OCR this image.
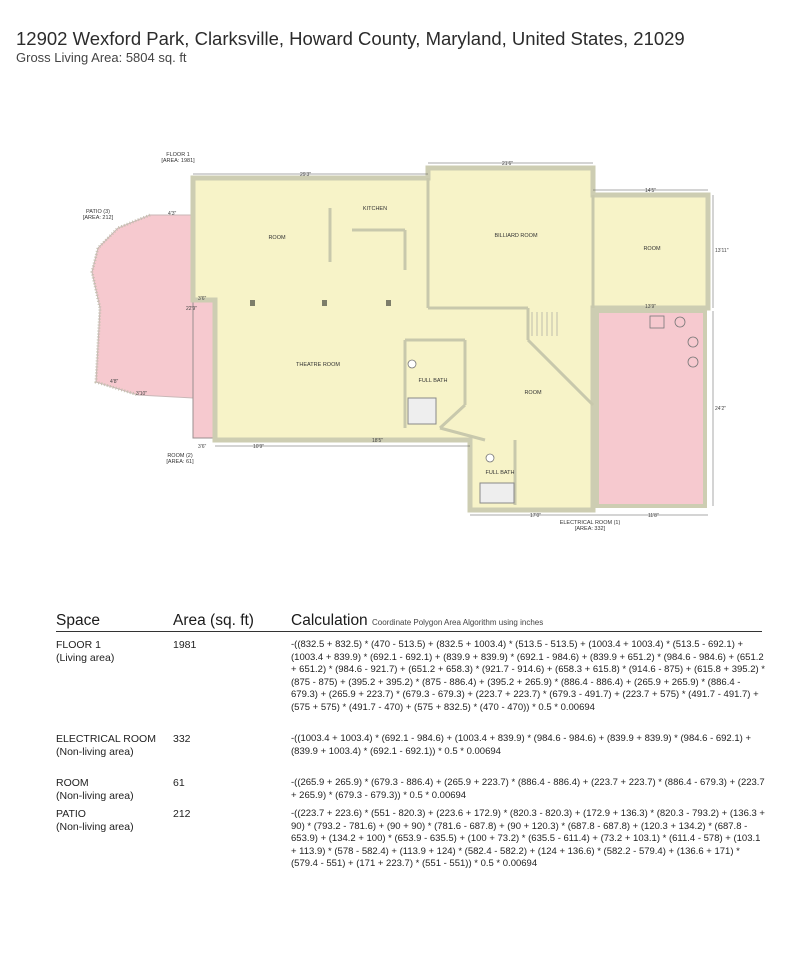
12902 Wexford Park, Clarksville, Howard County, Maryland, United States, 21029
Gross Living Area: 5804 sq. ft
29'3"
21'6"
14'5"
13'9"
10'9"
18'5"
17'0"	11'8"
3'6"
4'3"
3'6"
4'8"
3'10"
22'9"
13'11"
24'2"
FLOOR 1
[AREA: 1981]
PATIO (3)
[AREA: 212]
ROOM (2)
[AREA: 61]
ELECTRICAL ROOM (1)
[AREA: 332]
KITCHEN
ROOM	BILLIARD ROOM
ROOM
THEATRE ROOM
FULL BATH
ROOM
FULL BATH
Space	Area (sq. ft) Calculation Coordinate Polygon Area Algorithm using inches
FLOOR 1
(Living area)
1981	-((832.5 + 832.5) * (470 - 513.5) + (832.5 + 1003.4) * (513.5 - 513.5) + (1003.4 + 1003.4) * (513.5 - 692.1) + (1003.4 + 839.9) * (692.1 - 692.1) + (839.9 + 839.9) * (692.1 - 984.6) + (839.9 + 651.2) * (984.6 - 984.6) + (651.2 + 651.2) * (984.6 - 921.7) + (651.2 + 658.3) * (921.7 - 914.6) + (658.3 + 615.8) * (914.6 - 875) + (615.8 + 395.2) * (875 - 875) + (395.2 + 395.2) * (875 - 886.4) + (395.2 + 265.9) * (886.4 - 886.4) + (265.9 + 265.9) * (886.4 - 679.3) + (265.9 + 223.7) * (679.3 - 679.3) + (223.7 + 223.7) * (679.3 - 491.7) + (223.7 + 575) * (491.7 - 491.7) + (575 + 575) * (491.7 - 470) + (575 + 832.5) * (470 - 470)) * 0.5 * 0.00694
ELECTRICAL ROOM
(Non-living area)
332	-((1003.4 + 1003.4) * (692.1 - 984.6) + (1003.4 + 839.9) * (984.6 - 984.6) + (839.9 + 839.9) * (984.6 - 692.1) + (839.9 + 1003.4) * (692.1 - 692.1)) * 0.5 * 0.00694
ROOM
(Non-living area)
61	-((265.9 + 265.9) * (679.3 - 886.4) + (265.9 + 223.7) * (886.4 - 886.4) + (223.7 + 223.7) * (886.4 - 679.3) + (223.7 + 265.9) * (679.3 - 679.3)) * 0.5 * 0.00694
PATIO
(Non-living area)
212	-((223.7 + 223.6) * (551 - 820.3) + (223.6 + 172.9) * (820.3 - 820.3) + (172.9 + 136.3) * (820.3 - 793.2) + (136.3 + 90) * (793.2 - 781.6) + (90 + 90) * (781.6 - 687.8) + (90 + 120.3) * (687.8 - 687.8) + (120.3 + 134.2) * (687.8 - 653.9) + (134.2 + 100) * (653.9 - 635.5) + (100 + 73.2) * (635.5 - 611.4) + (73.2 + 103.1) * (611.4 - 578) + (103.1 + 113.9) * (578 - 582.4) + (113.9 + 124) * (582.4 - 582.2) + (124 + 136.6) * (582.2 - 579.4) + (136.6 + 171) * (579.4 - 551) + (171 + 223.7) * (551 - 551)) * 0.5 * 0.00694
